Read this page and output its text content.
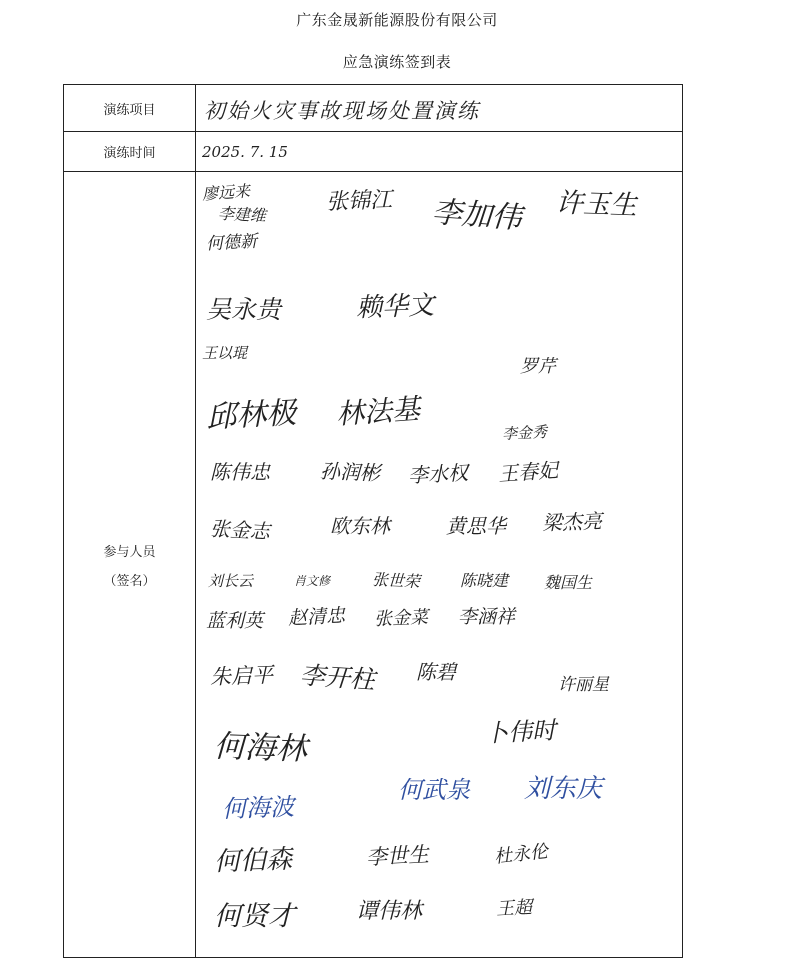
广东金晟新能源股份有限公司
应急演练签到表
演练项目 初始火灾事故现场处置演练
演练时间	2025. 7. 15
参与人员
（签名）
廖远来
李建维
何德新
张锦江 李加伟 许玉生
吴永贵	赖华文
王以琨
罗芹
邱林极 林法基
李金秀
陈伟忠 孙润彬 李水权 王春妃
张金志	欧东林	黄思华 梁杰亮
刘长云	肖文修	张世荣 陈晓建 魏国生
蓝利英 赵清忠 张金菜 李涵祥
朱启平 李开柱 陈碧
许丽星
何海林	卜伟时
何海波
何武泉 刘东庆
何伯森	李世生	杜永伦
何贤才	谭伟林	王超
